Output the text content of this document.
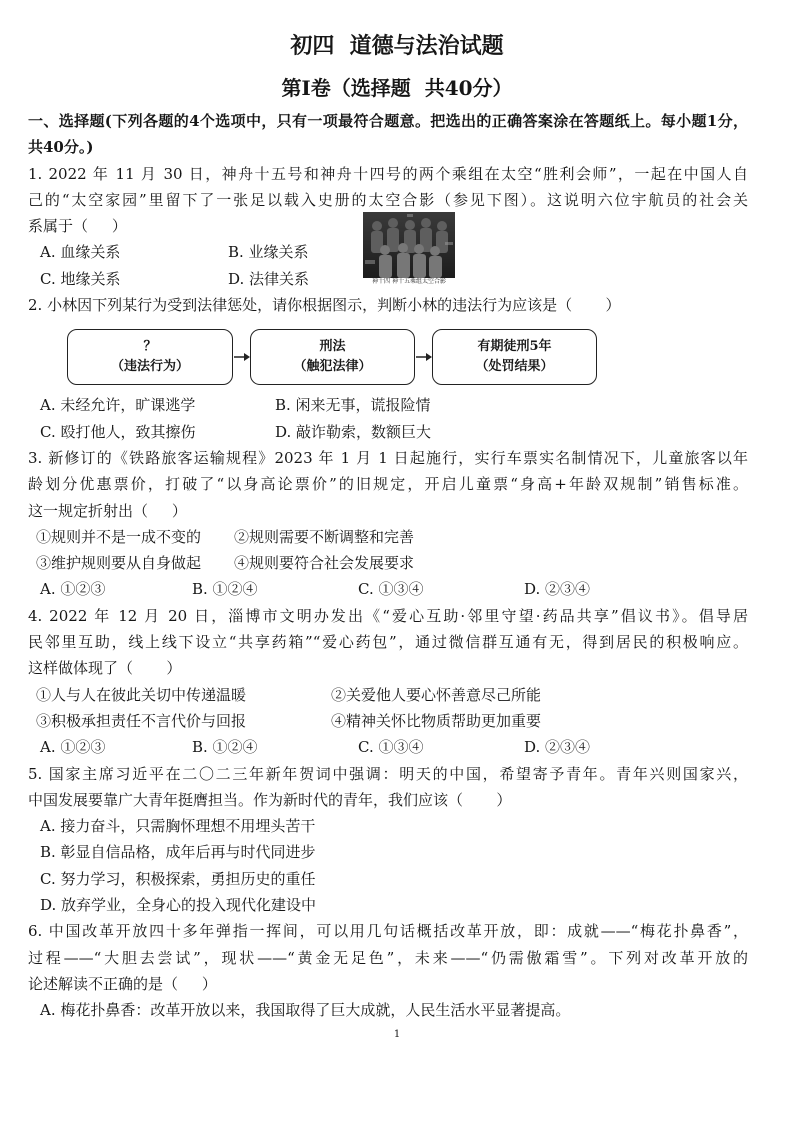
初四  道德与法治试题
第Ⅰ卷（选择题  共40分）
一、选择题(下列各题的4个选项中，只有一项最符合题意。把选出的正确答案涂在答题纸上。每小题1分，
共40分。)
1. 2022 年 11 月 30 日，神舟十五号和神舟十四号的两个乘组在太空“胜利会师”，一起在中国人自
己的“太空家园”里留下了一张足以载入史册的太空合影（参见下图）。这说明六位宇航员的社会关
系属于（     ）
A. 血缘关系	B. 业缘关系
C. 地缘关系	D. 法律关系	神十四 神十五乘组太空合影
2. 小林因下列某行为受到法律惩处，请你根据图示，判断小林的违法行为应该是（       ）
？
（违法行为）
刑法
（触犯法律）
有期徒刑5年
（处罚结果）
A. 未经允许，旷课逃学	B. 闲来无事，谎报险情
C. 殴打他人，致其擦伤	D. 敲诈勒索，数额巨大
3. 新修订的《铁路旅客运输规程》2023 年 1 月 1 日起施行，实行车票实名制情况下，儿童旅客以年
龄划分优惠票价，打破了“以身高论票价”的旧规定，开启儿童票“身高+年龄双规制”销售标准。
这一规定折射出（     ）
①规则并不是一成不变的 ②规则需要不断调整和完善
③维护规则要从自身做起 ④规则要符合社会发展要求
A. ①②③	B. ①②④	C. ①③④	D. ②③④
4. 2022 年 12 月 20 日，淄博市文明办发出《“爱心互助·邻里守望·药品共享”倡议书》。倡导居
民邻里互助，线上线下设立“共享药箱”“爱心药包”，通过微信群互通有无，得到居民的积极响应。
这样做体现了（       ）
①人与人在彼此关切中传递温暖	②关爱他人要心怀善意尽己所能
③积极承担责任不言代价与回报	④精神关怀比物质帮助更加重要
A. ①②③	B. ①②④	C. ①③④	D. ②③④
5. 国家主席习近平在二〇二三年新年贺词中强调：明天的中国，希望寄予青年。青年兴则国家兴，
中国发展要靠广大青年挺膺担当。作为新时代的青年，我们应该（       ）
A. 接力奋斗，只需胸怀理想不用埋头苦干
B. 彰显自信品格，成年后再与时代同进步
C. 努力学习，积极探索，勇担历史的重任
D. 放弃学业，全身心的投入现代化建设中
6. 中国改革开放四十多年弹指一挥间，可以用几句话概括改革开放，即：成就——“梅花扑鼻香”，
过程——“大胆去尝试”，现状——“黄金无足色”，未来——“仍需傲霜雪”。下列对改革开放的
论述解读不正确的是（     ）
A. 梅花扑鼻香：改革开放以来，我国取得了巨大成就，人民生活水平显著提高。
1
